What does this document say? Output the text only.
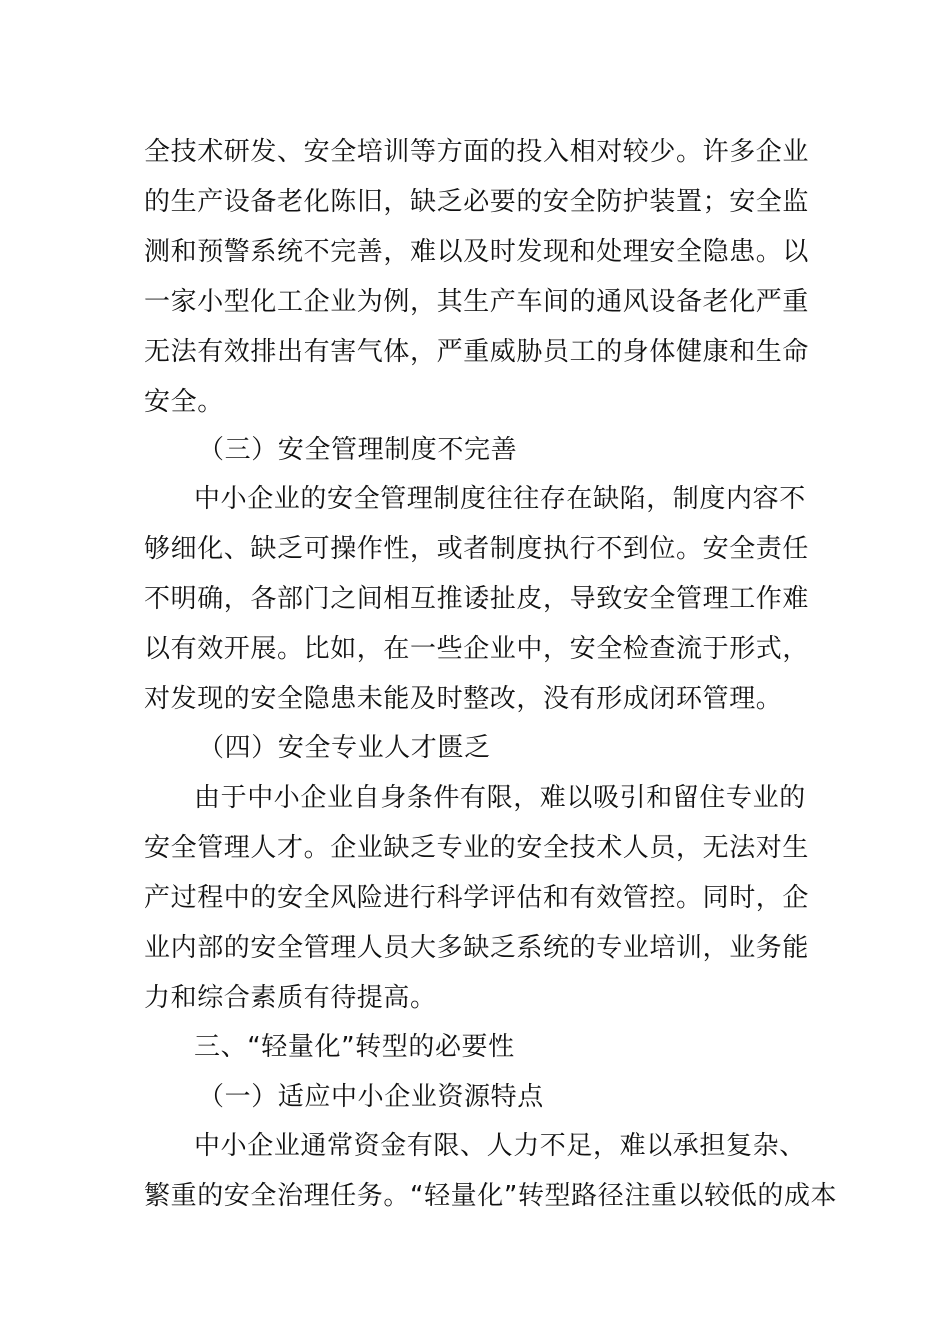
全技术研发、安全培训等方面的投入相对较少。许多企业
的生产设备老化陈旧，缺乏必要的安全防护装置；安全监
测和预警系统不完善，难以及时发现和处理安全隐患。以
一家小型化工企业为例，其生产车间的通风设备老化严重
无法有效排出有害气体，严重威胁员工的身体健康和生命
安全。
（三）安全管理制度不完善
中小企业的安全管理制度往往存在缺陷，制度内容不
够细化、缺乏可操作性，或者制度执行不到位。安全责任
不明确，各部门之间相互推诿扯皮，导致安全管理工作难
以有效开展。比如，在一些企业中，安全检查流于形式，
对发现的安全隐患未能及时整改，没有形成闭环管理。
（四）安全专业人才匮乏
由于中小企业自身条件有限，难以吸引和留住专业的
安全管理人才。企业缺乏专业的安全技术人员，无法对生
产过程中的安全风险进行科学评估和有效管控。同时，企
业内部的安全管理人员大多缺乏系统的专业培训，业务能
力和综合素质有待提高。
三、“轻量化”转型的必要性
（一）适应中小企业资源特点
中小企业通常资金有限、人力不足，难以承担复杂、
繁重的安全治理任务。“轻量化”转型路径注重以较低的成本
